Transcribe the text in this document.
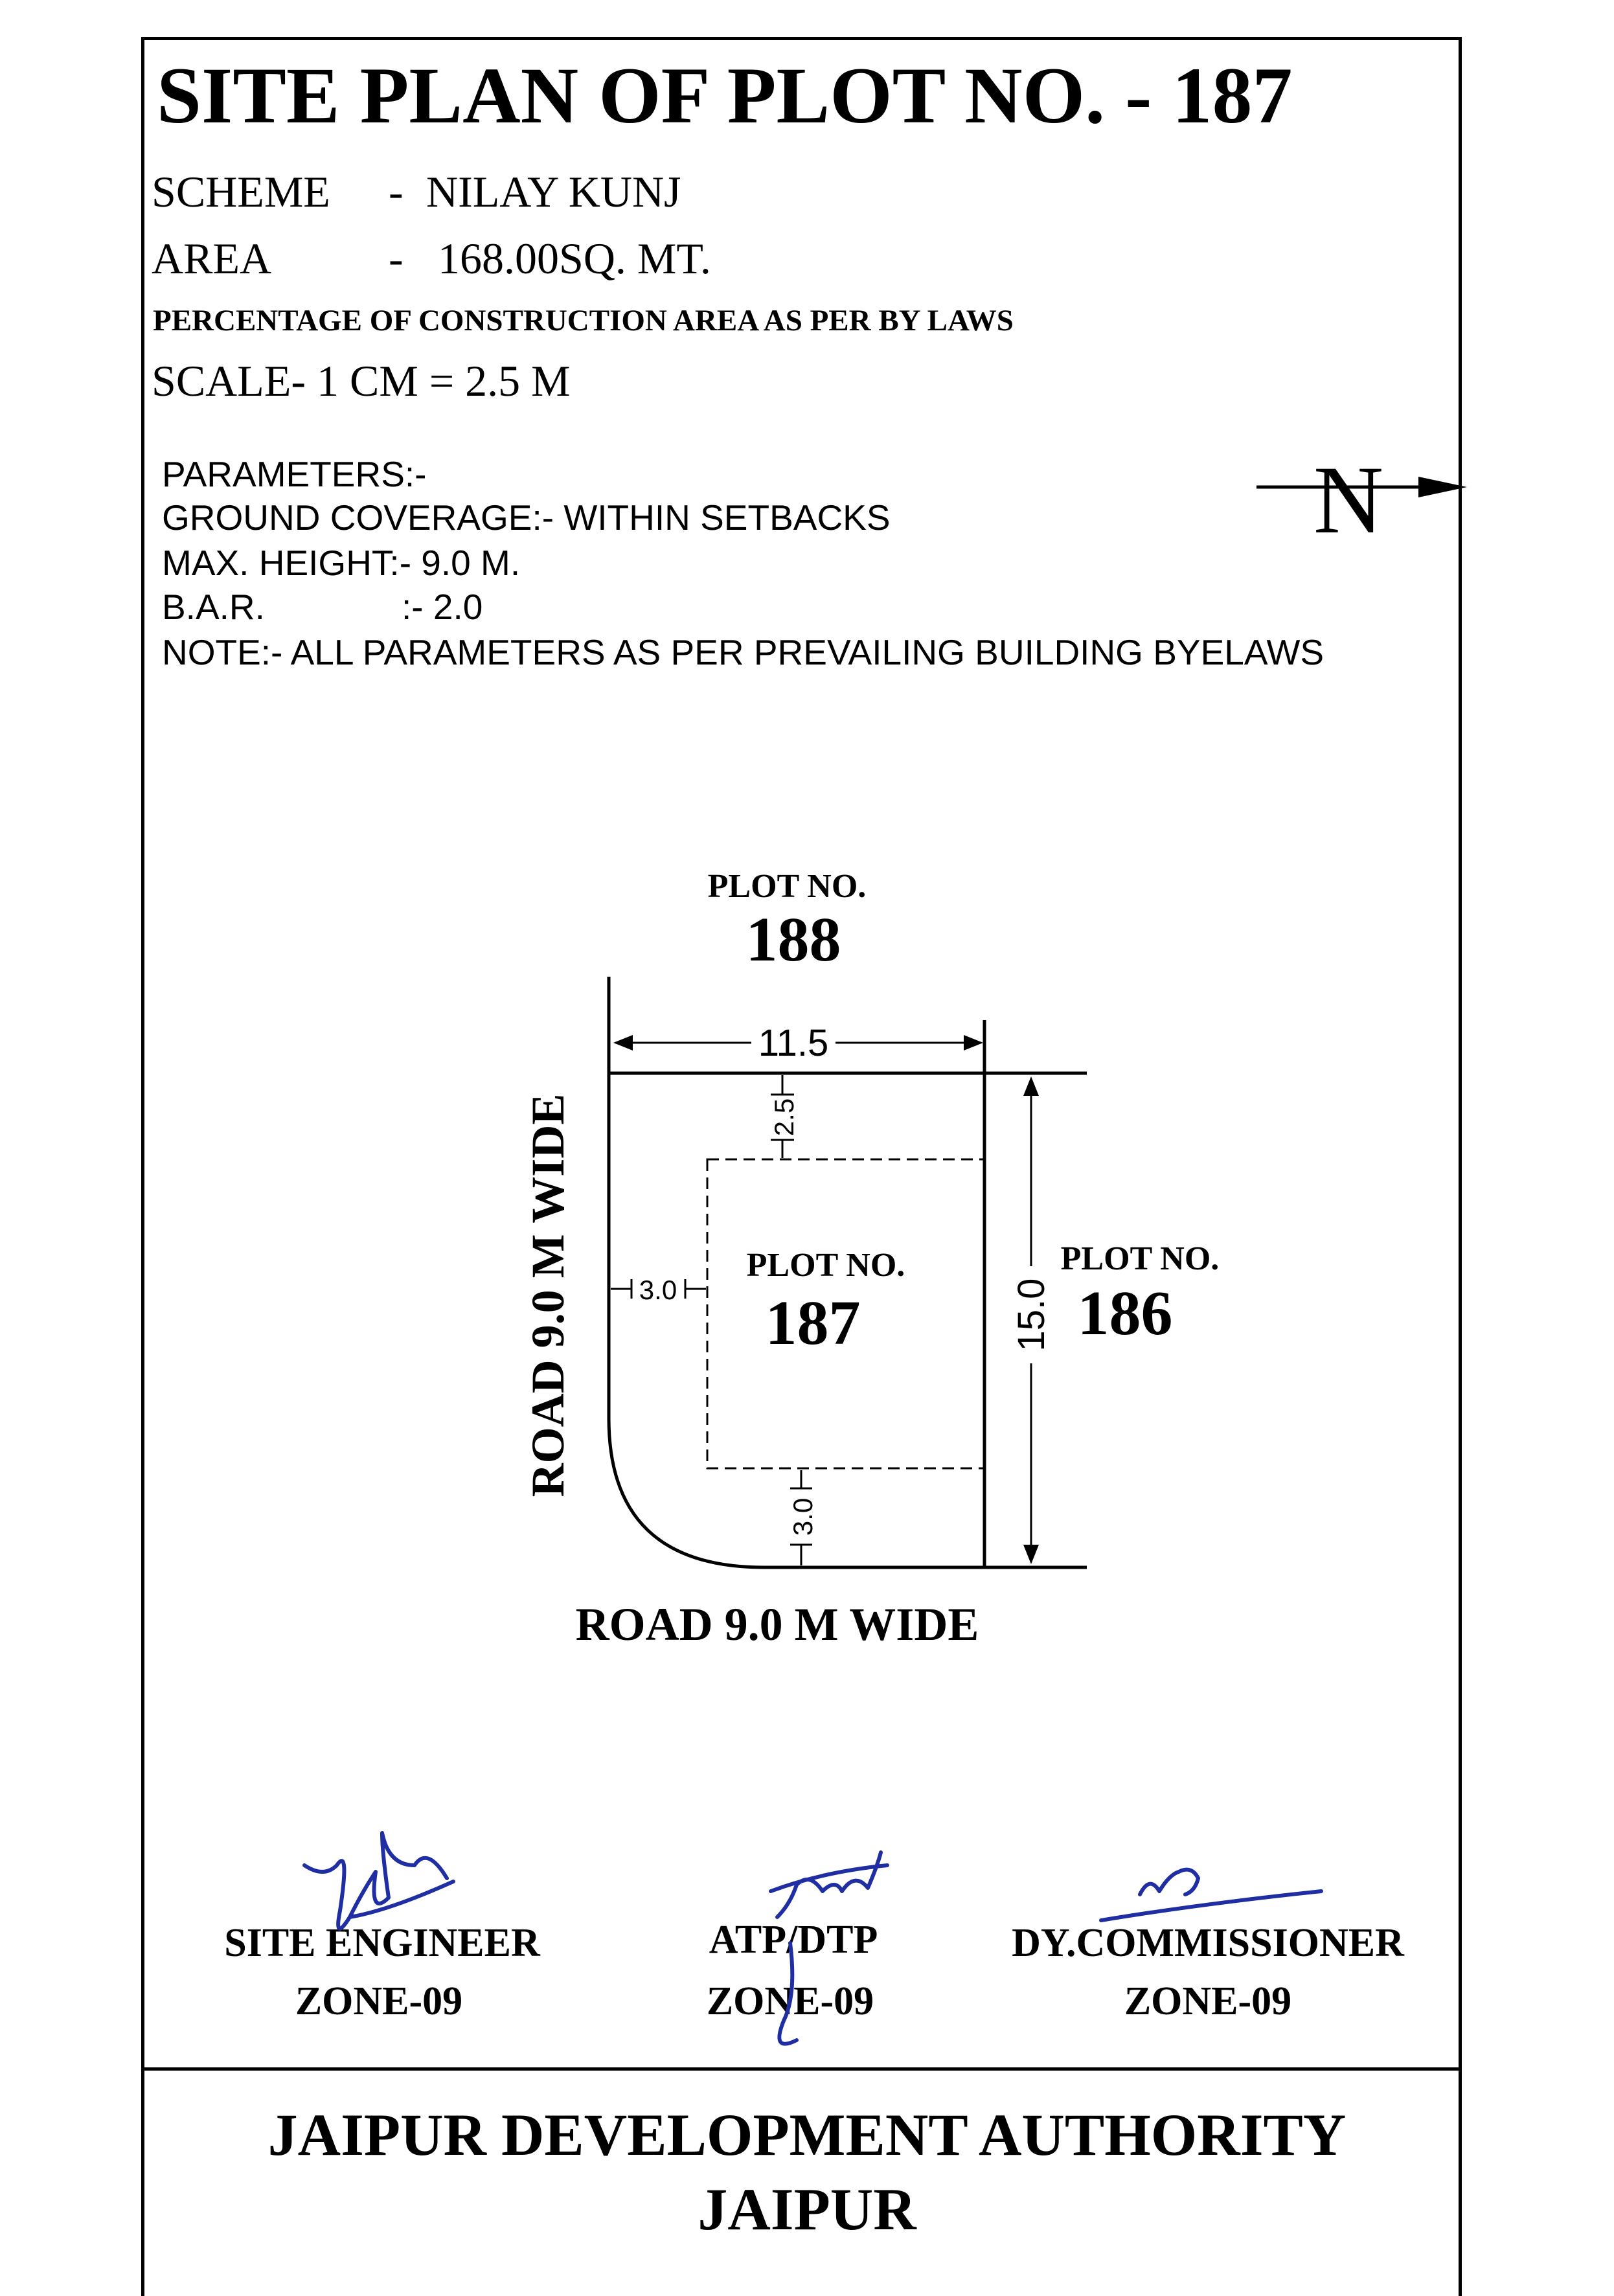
SITE PLAN OF PLOT NO. - 187
SCHEME - NILAY KUNJ
AREA	- 168.00SQ. MT.
PERCENTAGE OF CONSTRUCTION AREA AS PER BY LAWS
SCALE- 1 CM = 2.5 M
PARAMETERS:-
GROUND COVERAGE:- WITHIN SETBACKS
MAX. HEIGHT:- 9.0 M.
B.A.R.	:- 2.0
NOTE:- ALL PARAMETERS AS PER PREVAILING BUILDING BYELAWS
N
11.5
15.0
2.5
3.0
3.0
PLOT NO.
188
PLOT NO.
187
PLOT NO.
186
ROAD 9.0 M WIDE
ROAD 9.0 M WIDE
SITE ENGINEER
ZONE-09
ATP/DTP
ZONE-09
DY.COMMISSIONER
ZONE-09
JAIPUR DEVELOPMENT AUTHORITY
JAIPUR
